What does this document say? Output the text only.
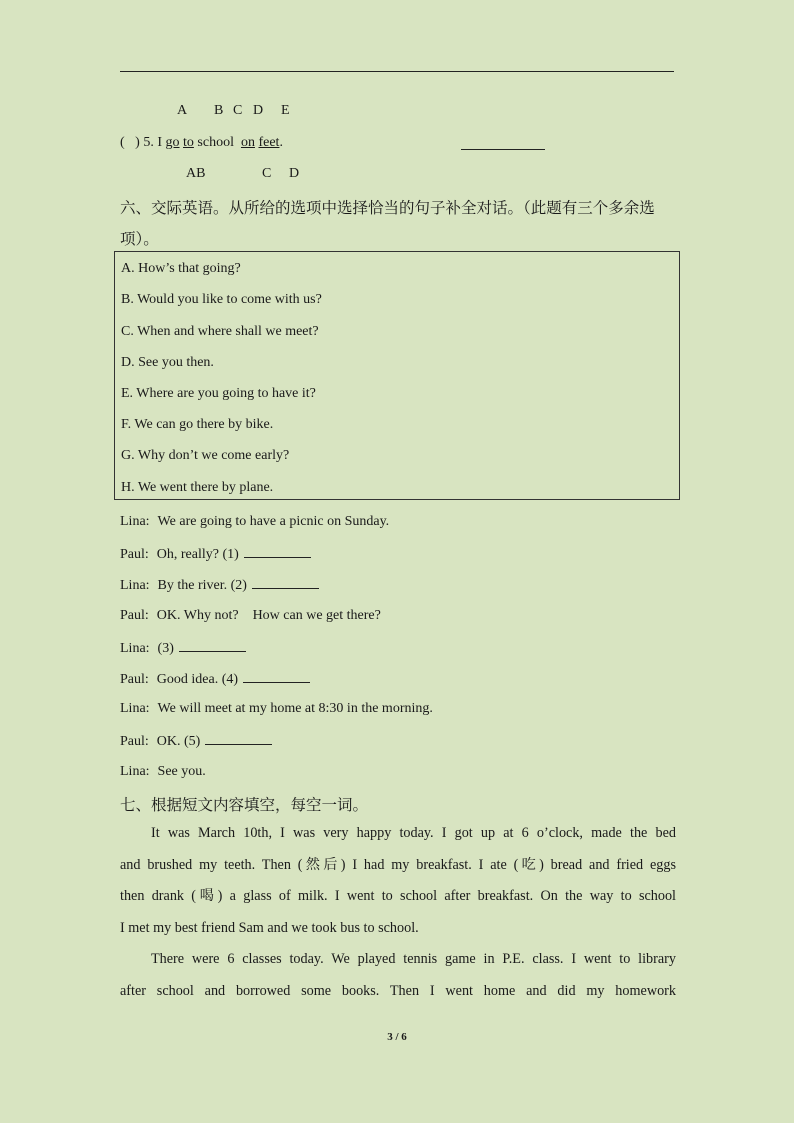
A B C D E
( ) 5. I go to school on feet.
AB	C D
六、交际英语。从所给的选项中选择恰当的句子补全对话。（此题有三个多余选
项）。
A. How’s that going?
B. Would you like to come with us?
C. When and where shall we meet?
D. See you then.
E. Where are you going to have it?
F. We can go there by bike.
G. Why don’t we come early?
H. We went there by plane.
Lina: We are going to have a picnic on Sunday.
Paul: Oh, really? (1)
Lina: By the river. (2)
Paul: OK. Why not?    How can we get there?
Lina: (3)
Paul: Good idea. (4)
Lina: We will meet at my home at 8:30 in the morning.
Paul: OK. (5)
Lina: See you.
七、根据短文内容填空，每空一词。
It was March 10th, I was very happy today. I got up at 6 o’clock, made the bed
and brushed my teeth. Then (然后) I had my breakfast. I ate (吃) bread and fried eggs
then drank (喝) a glass of milk. I went to school after breakfast. On the way to school
I met my best friend Sam and we took bus to school.
There were 6 classes today. We played tennis game in P.E. class. I went to library
after school and borrowed some books. Then I went home and did my homework
3 / 6
